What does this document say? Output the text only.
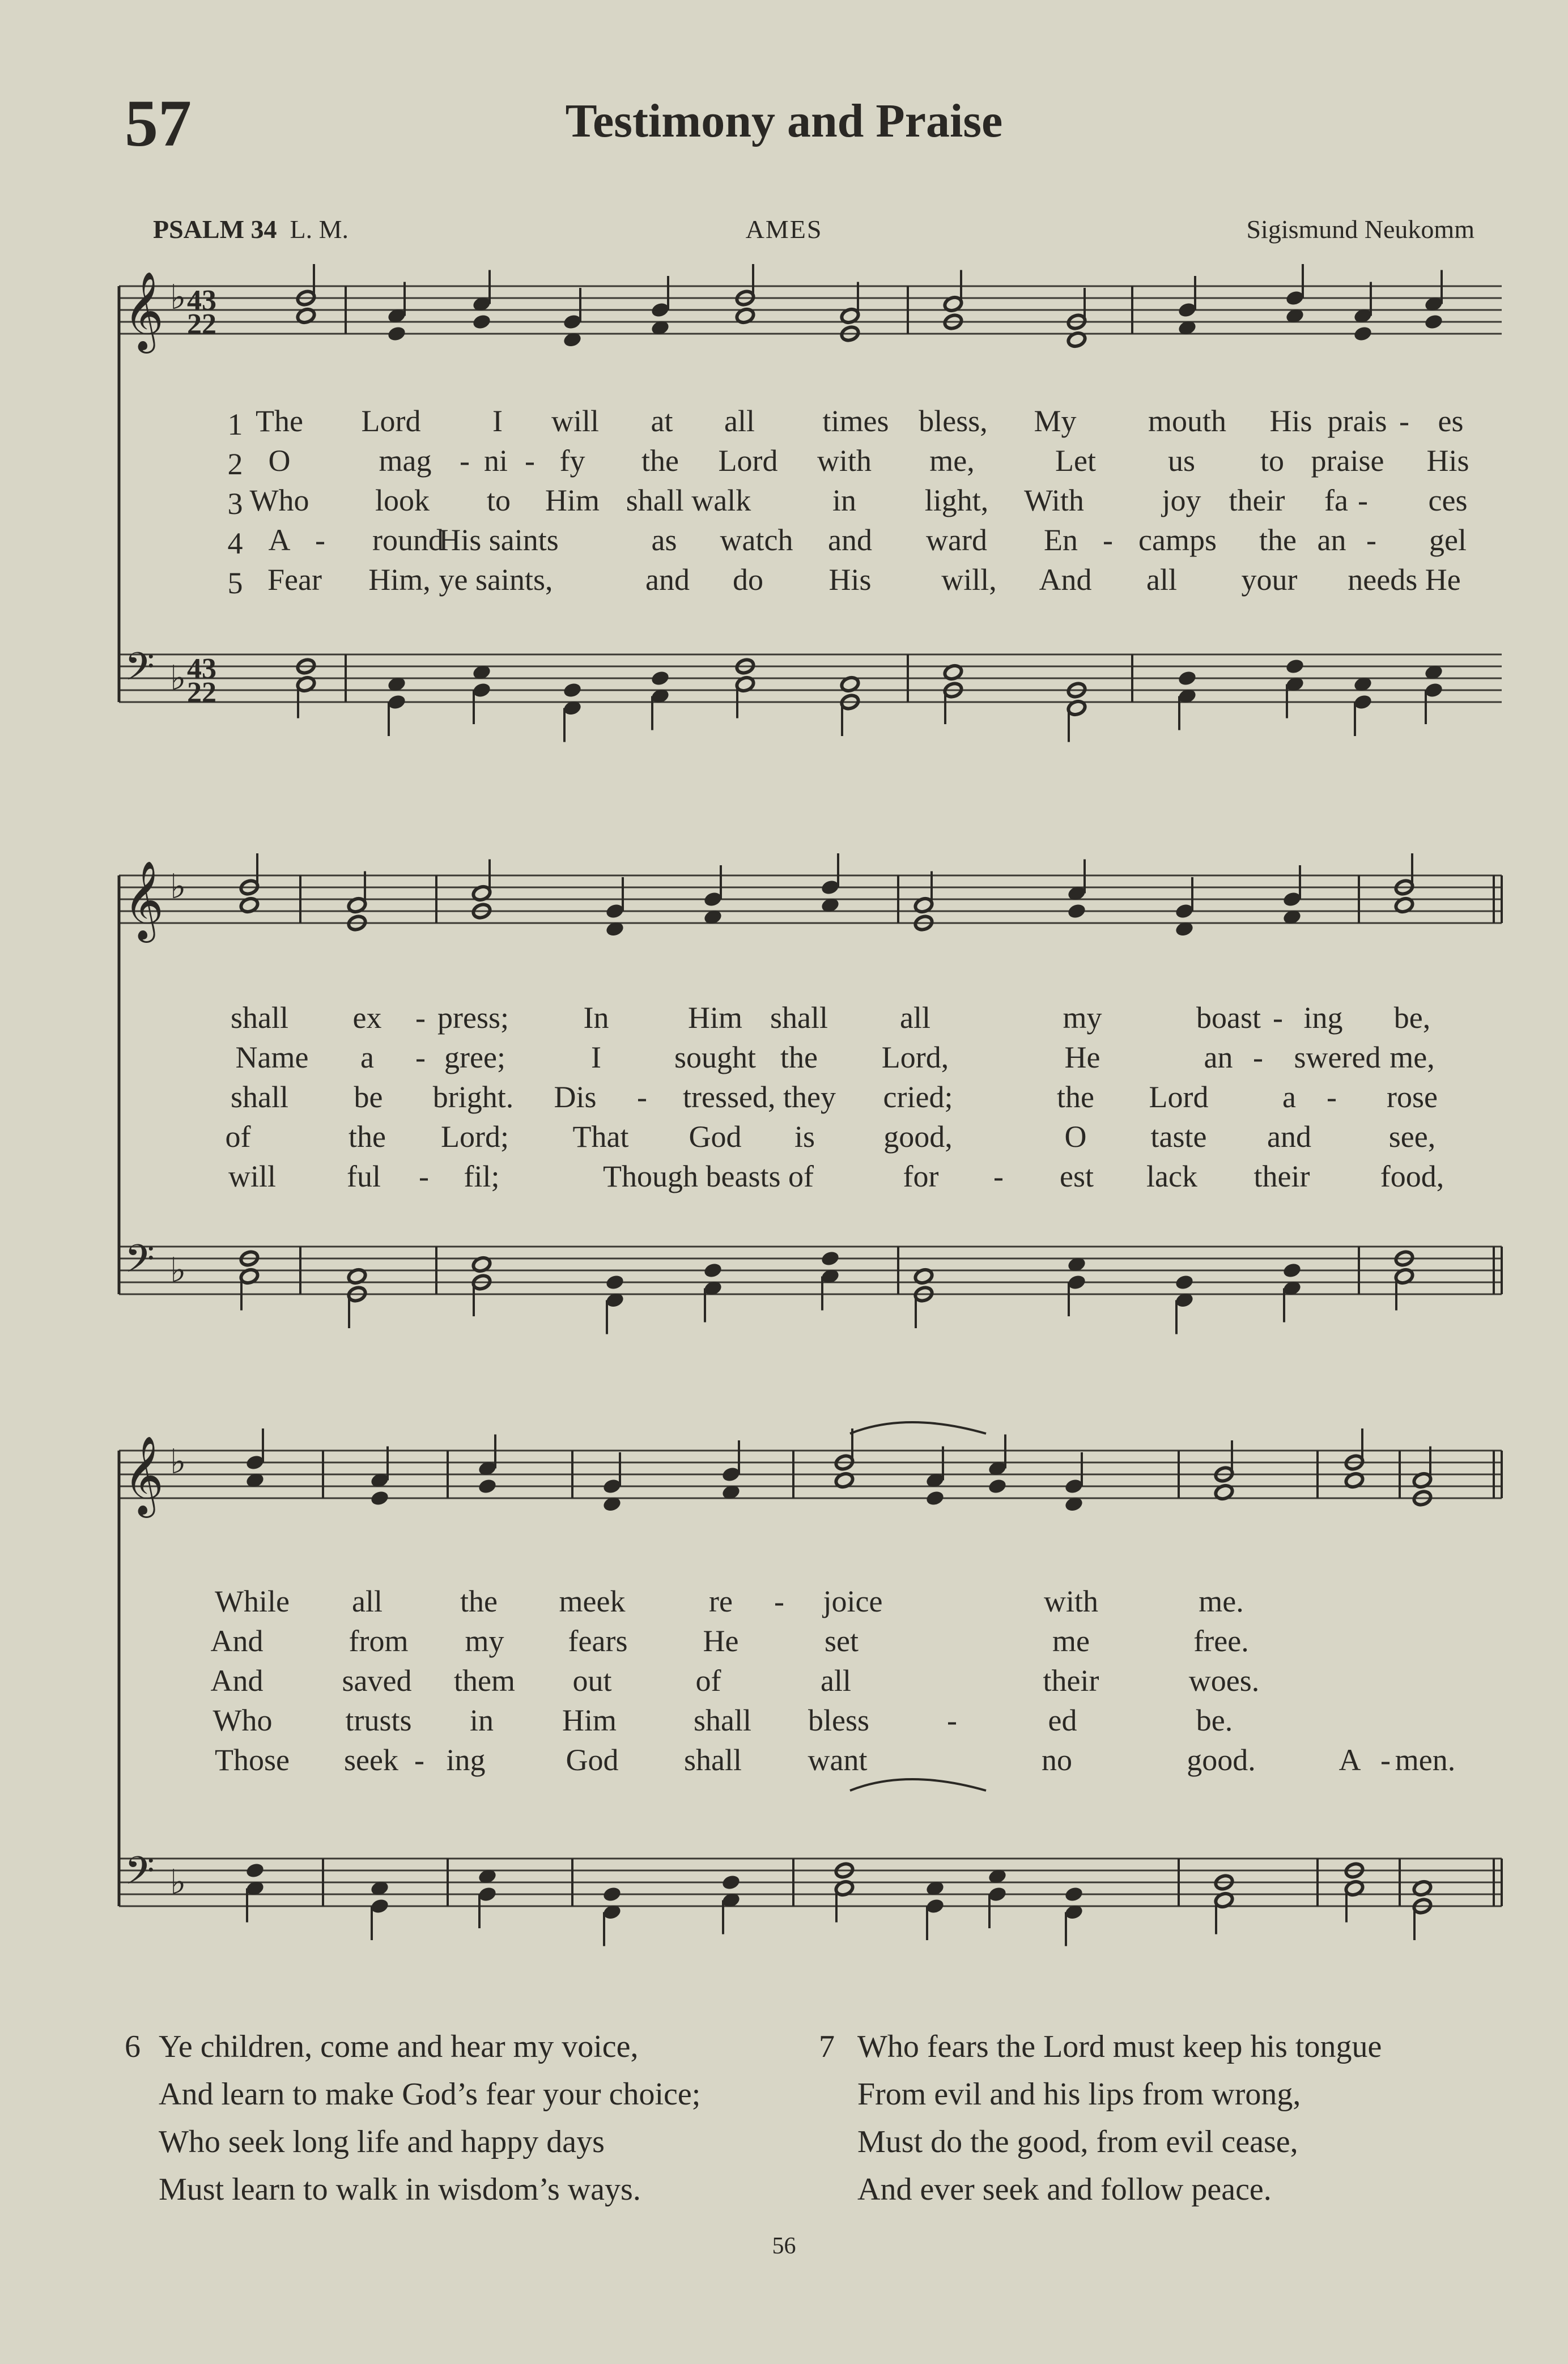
57	Testimony and Praise
PSALM 34 L. M.	AMES	Sigismund Neukomm
𝄞 ♭ 43
22
𝄢 ♭ 43
22
𝄞 ♭
𝄢 ♭
𝄞 ♭
𝄢 ♭
1 The Lord I will at all times bless, My mouth His prais - es
2 O	mag - ni - fy the Lord with me,	Let us to praise His
3 Who look to Him shall walk	in light, With	joy their fa - ces
4 A - round
His saints	as watch and ward En - camps the an - gel
5 Fear Him, ye saints,	and do His will, And all your needs He
shall ex - press; In	Him shall all	my	boast - ing be,
Name a - gree;	I sought the Lord,	He	an - swered me,
shall be bright. Dis - tressed, they cried;	the Lord a - rose
of	the Lord; That God is good,	O taste and	see,
will ful - fil;	Though beasts of	for - est lack their food,
While all	the meek	re - joice	with	me.
And	from my fears He	set	me	free.
And	saved them out	of	all	their	woes.
Who trusts in Him	shall bless	-	ed	be.
Those seek - ing	God shall want	no	good.	A - men.
6 Ye children, come and hear my voice,
And learn to make God’s fear your choice;
Who seek long life and happy days
Must learn to walk in wisdom’s ways.
7 Who fears the Lord must keep his tongue
From evil and his lips from wrong,
Must do the good, from evil cease,
And ever seek and follow peace.
56
